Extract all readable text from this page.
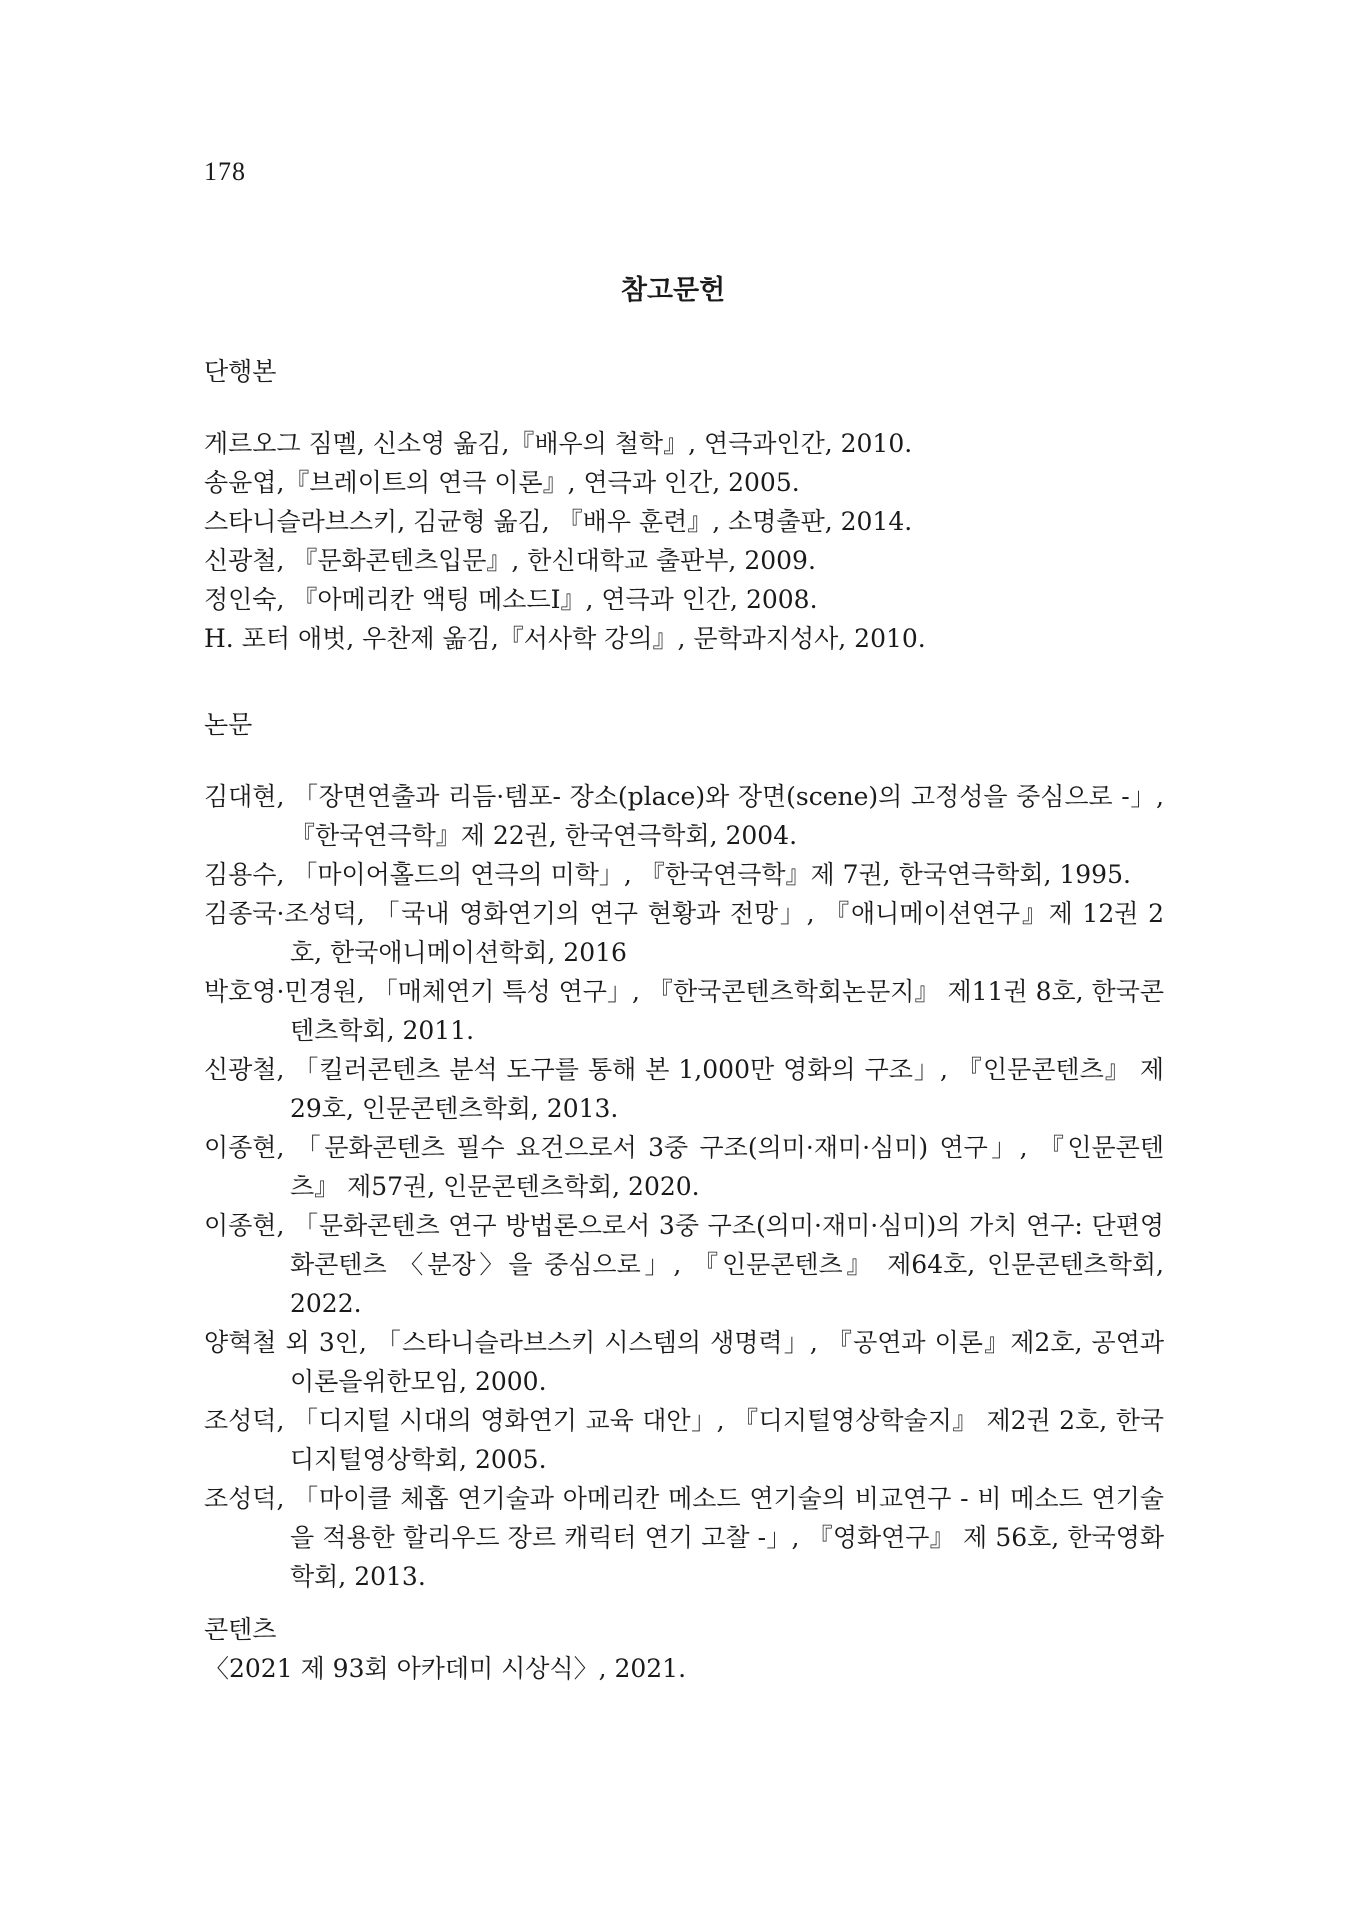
178
참고문헌
단행본
게르오그 짐멜, 신소영 옮김,『배우의 철학』, 연극과인간, 2010.
송윤엽,『브레이트의 연극 이론』, 연극과 인간, 2005.
스타니슬라브스키, 김균형 옮김, 『배우 훈련』, 소명출판, 2014.
신광철, 『문화콘텐츠입문』, 한신대학교 출판부, 2009.
정인숙, 『아메리칸 액팅 메소드Ⅰ』, 연극과 인간, 2008.
H. 포터 애벗, 우찬제 옮김,『서사학 강의』, 문학과지성사, 2010.
논문
김대현, 「장면연출과 리듬·템포- 장소(place)와 장면(scene)의 고정성을 중심으로 -」, 『한국연극학』제 22권, 한국연극학회, 2004.
김용수, 「마이어홀드의 연극의 미학」, 『한국연극학』제 7권, 한국연극학회, 1995.
김종국·조성덕, 「국내 영화연기의 연구 현황과 전망」, 『애니메이션연구』제 12권 2호, 한국애니메이션학회, 2016
박호영·민경원, 「매체연기 특성 연구」, 『한국콘텐츠학회논문지』 제11권 8호, 한국콘텐츠학회, 2011.
신광철, 「킬러콘텐츠 분석 도구를 통해 본 1,000만 영화의 구조」, 『인문콘텐츠』 제29호, 인문콘텐츠학회, 2013.
이종현, 「문화콘텐츠 필수 요건으로서 3중 구조(의미·재미·심미) 연구」, 『인문콘텐츠』 제57권, 인문콘텐츠학회, 2020.
이종현, 「문화콘텐츠 연구 방법론으로서 3중 구조(의미·재미·심미)의 가치 연구: 단편영화콘텐츠 〈분장〉을 중심으로」, 『인문콘텐츠』 제64호, 인문콘텐츠학회, 2022.
양혁철 외 3인, 「스타니슬라브스키 시스템의 생명력」, 『공연과 이론』제2호, 공연과이론을위한모임, 2000.
조성덕, 「디지털 시대의 영화연기 교육 대안」, 『디지털영상학술지』 제2권 2호, 한국디지털영상학회, 2005.
조성덕, 「마이클 체홉 연기술과 아메리칸 메소드 연기술의 비교연구 - 비 메소드 연기술을 적용한 할리우드 장르 캐릭터 연기 고찰 -」, 『영화연구』 제 56호, 한국영화학회, 2013.
콘텐츠
〈2021 제 93회 아카데미 시상식〉, 2021.
